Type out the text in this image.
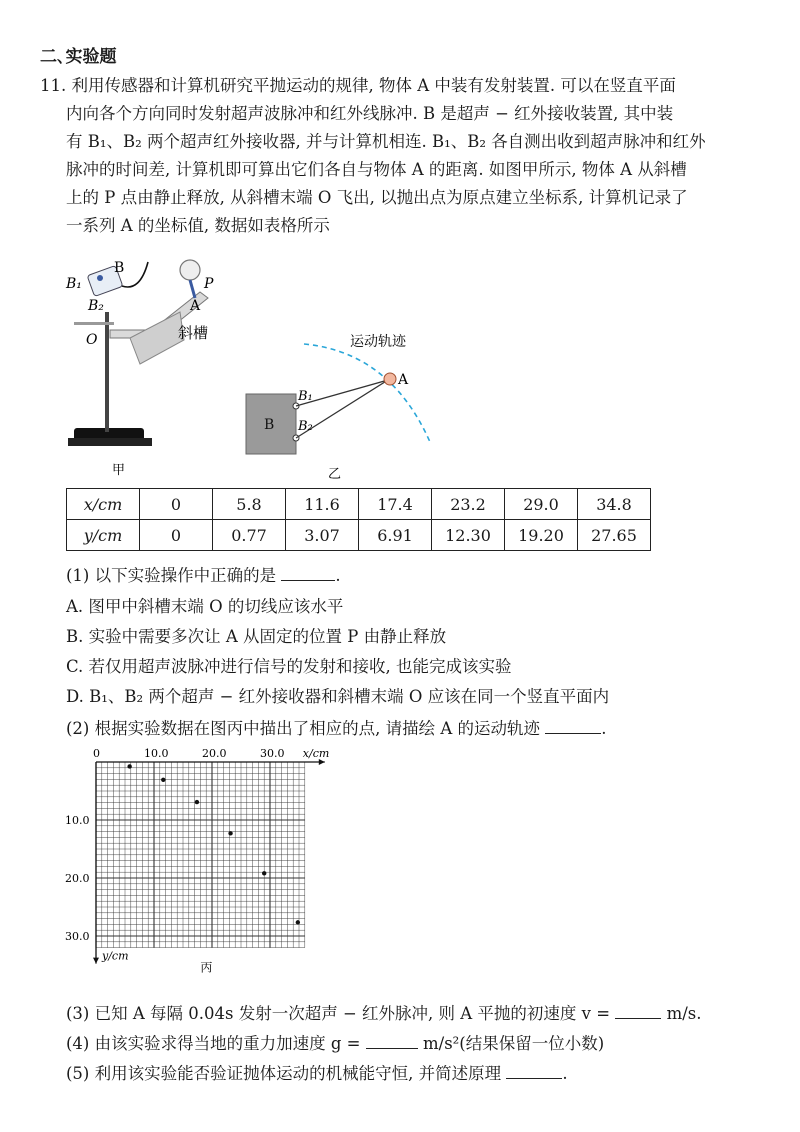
二､实验题
11. 利用传感器和计算机研究平抛运动的规律, 物体 A 中装有发射装置. 可以在竖直平面
内向各个方向同时发射超声波脉冲和红外线脉冲. B 是超声 − 红外接收装置, 其中装
有 B₁、B₂ 两个超声红外接收器, 并与计算机相连. B₁、B₂ 各自测出收到超声脉冲和红外
脉冲的时间差, 计算机即可算出它们各自与物体 A 的距离. 如图甲所示, 物体 A 从斜槽
上的 P 点由静止释放, 从斜槽末端 O 飞出, 以抛出点为原点建立坐标系, 计算机记录了
一系列 A 的坐标值, 数据如表格所示
B
B₁
B₂
O
A
P
斜槽
甲
运动轨迹
B
A
B₁
B₂
乙
x/cm	0	5.8	11.6	17.4	23.2	29.0	34.8
y/cm	0	0.77	3.07	6.91	12.30	19.20	27.65
(1) 以下实验操作中正确的是	.
A. 图甲中斜槽末端 O 的切线应该水平
B. 实验中需要多次让 A 从固定的位置 P 由静止释放
C. 若仅用超声波脉冲进行信号的发射和接收, 也能完成该实验
D. B₁、B₂ 两个超声 − 红外接收器和斜槽末端 O 应该在同一个竖直平面内
(2) 根据实验数据在图丙中描出了相应的点, 请描绘 A 的运动轨迹	.
0	10.0	20.0	30.0
10.0
20.0
30.0
x/cm
y/cm
丙
(3) 已知 A 每隔 0.04s 发射一次超声 − 红外脉冲, 则 A 平抛的初速度 v =	m/s.
(4) 由该实验求得当地的重力加速度 g =	m/s²(结果保留一位小数)
(5) 利用该实验能否验证抛体运动的机械能守恒, 并简述原理	.
